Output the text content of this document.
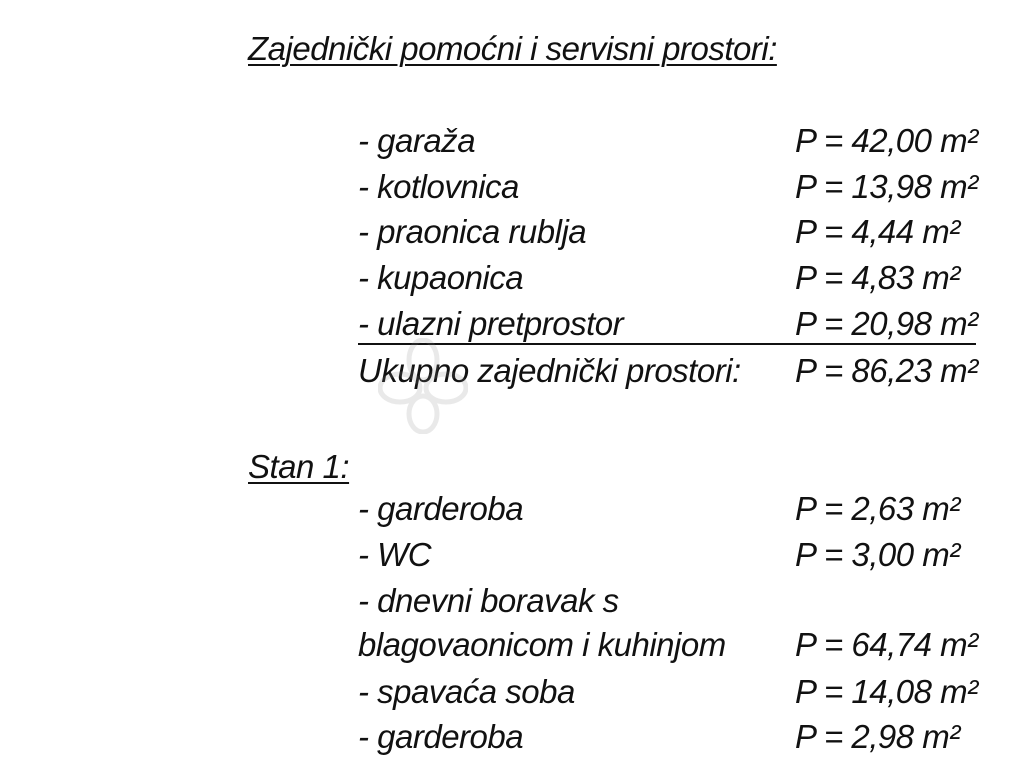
Zajednički pomoćni i servisni prostori:
- garaža	P = 42,00 m²
- kotlovnica	P = 13,98 m²
- praonica rublja	P = 4,44 m²
- kupaonica	P = 4,83 m²
- ulazni pretprostor	P = 20,98 m²
Ukupno zajednički prostori: P = 86,23 m²
Stan 1:
- garderoba	P = 2,63 m²
- WC	P = 3,00 m²
- dnevni boravak s
blagovaonicom i kuhinjom P = 64,74 m²
- spavaća soba	P = 14,08 m²
- garderoba	P = 2,98 m²
